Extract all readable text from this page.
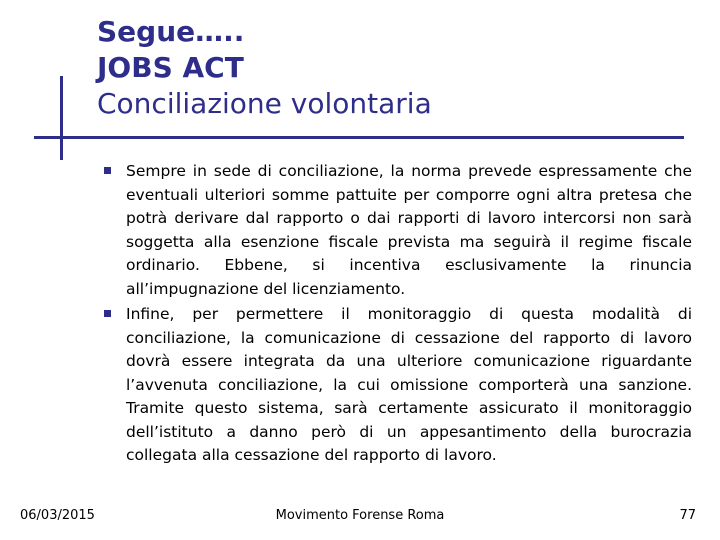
Segue…..
JOBS ACT
Conciliazione volontaria
Sempre in sede di conciliazione, la norma prevede espressamente che eventuali ulteriori somme pattuite per comporre ogni altra pretesa che potrà derivare dal rapporto o dai rapporti di lavoro intercorsi non sarà soggetta alla esenzione fiscale prevista ma seguirà il regime fiscale ordinario. Ebbene, si incentiva esclusivamente la rinuncia all’impugnazione del licenziamento.
Infine, per permettere il monitoraggio di questa modalità di conciliazione, la comunicazione di cessazione del rapporto di lavoro dovrà essere integrata da una ulteriore comunicazione riguardante l’avvenuta conciliazione, la cui omissione comporterà una sanzione. Tramite questo sistema, sarà certamente assicurato il monitoraggio dell’istituto a danno però di un appesantimento della burocrazia collegata alla cessazione del rapporto di lavoro.
06/03/2015	Movimento Forense Roma	77
